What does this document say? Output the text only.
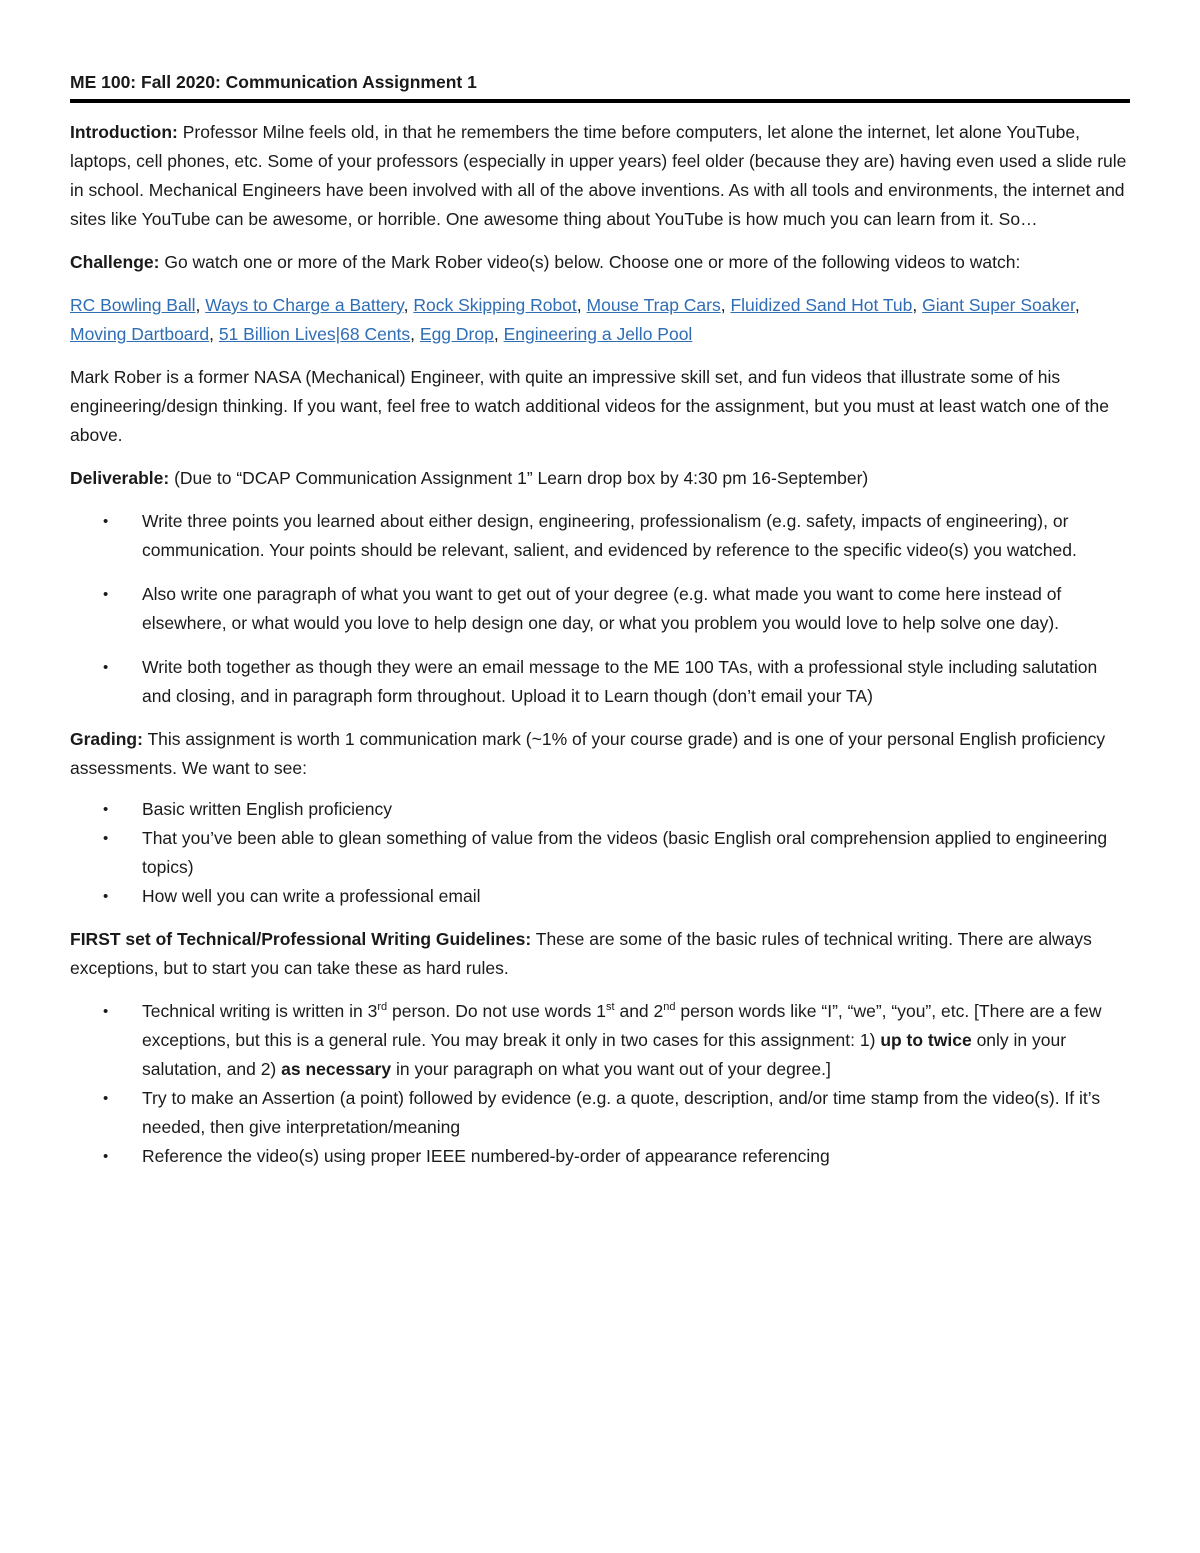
ME 100: Fall 2020: Communication Assignment 1

Introduction: Professor Milne feels old, in that he remembers the time before computers, let alone the internet, let alone YouTube, laptops, cell phones, etc. Some of your professors (especially in upper years) feel older (because they are) having even used a slide rule in school. Mechanical Engineers have been involved with all of the above inventions. As with all tools and environments, the internet and sites like YouTube can be awesome, or horrible. One awesome thing about YouTube is how much you can learn from it. So…

Challenge: Go watch one or more of the Mark Rober video(s) below. Choose one or more of the following videos to watch:

RC Bowling Ball, Ways to Charge a Battery, Rock Skipping Robot, Mouse Trap Cars, Fluidized Sand Hot Tub, Giant Super Soaker, Moving Dartboard, 51 Billion Lives|68 Cents, Egg Drop, Engineering a Jello Pool

Mark Rober is a former NASA (Mechanical) Engineer, with quite an impressive skill set, and fun videos that illustrate some of his engineering/design thinking. If you want, feel free to watch additional videos for the assignment, but you must at least watch one of the above.

Deliverable: (Due to “DCAP Communication Assignment 1” Learn drop box by 4:30 pm 16-September)

• Write three points you learned about either design, engineering, professionalism (e.g. safety, impacts of engineering), or communication. Your points should be relevant, salient, and evidenced by reference to the specific video(s) you watched.
• Also write one paragraph of what you want to get out of your degree (e.g. what made you want to come here instead of elsewhere, or what would you love to help design one day, or what you problem you would love to help solve one day).
• Write both together as though they were an email message to the ME 100 TAs, with a professional style including salutation and closing, and in paragraph form throughout. Upload it to Learn though (don’t email your TA)

Grading: This assignment is worth 1 communication mark (~1% of your course grade) and is one of your personal English proficiency assessments. We want to see:

• Basic written English proficiency
• That you’ve been able to glean something of value from the videos (basic English oral comprehension applied to engineering topics)
• How well you can write a professional email

FIRST set of Technical/Professional Writing Guidelines: These are some of the basic rules of technical writing. There are always exceptions, but to start you can take these as hard rules.

• Technical writing is written in 3rd person. Do not use words 1st and 2nd person words like “I”, “we”, “you”, etc. [There are a few exceptions, but this is a general rule. You may break it only in two cases for this assignment: 1) up to twice only in your salutation, and 2) as necessary in your paragraph on what you want out of your degree.]
• Try to make an Assertion (a point) followed by evidence (e.g. a quote, description, and/or time stamp from the video(s). If it’s needed, then give interpretation/meaning
• Reference the video(s) using proper IEEE numbered-by-order of appearance referencing
